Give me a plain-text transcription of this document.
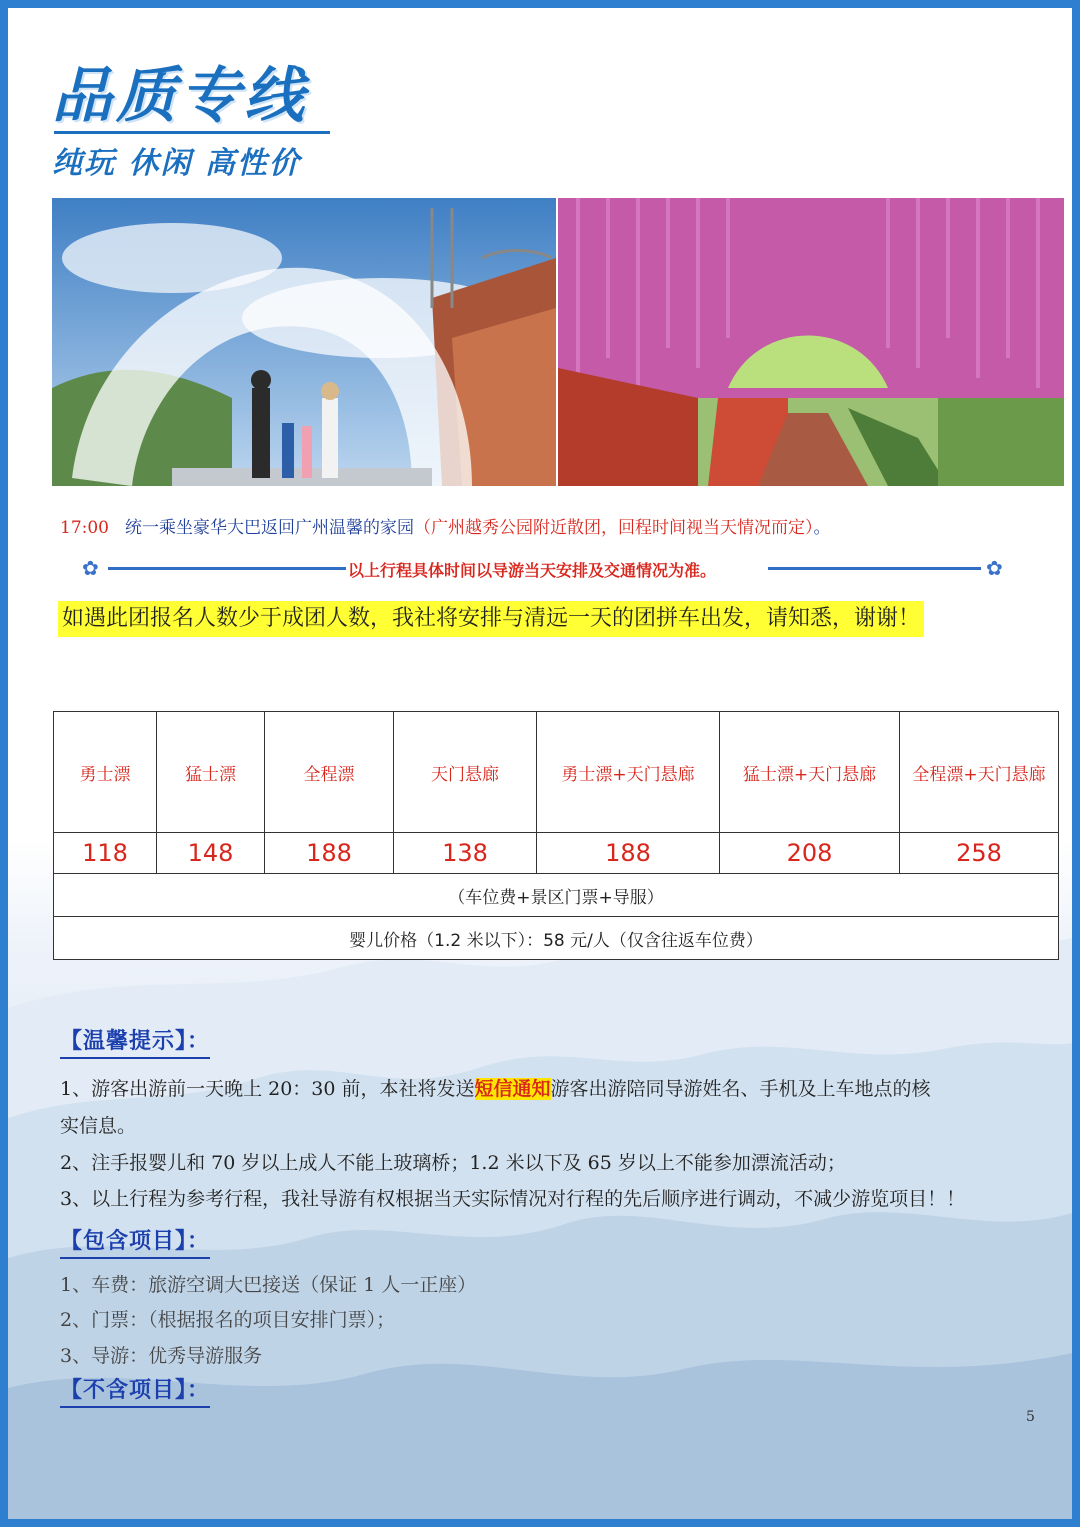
品质专线
纯玩 休闲 高性价
17:00 统一乘坐豪华大巴返回广州温馨的家园（广州越秀公园附近散团，回程时间视当天情况而定）。
✿	以上行程具体时间以导游当天安排及交通情况为准。	✿
如遇此团报名人数少于成团人数，我社将安排与清远一天的团拼车出发，请知悉，谢谢！
勇士漂	猛士漂	全程漂	天门悬廊	勇士漂+天门悬廊	猛士漂+天门悬廊	全程漂+天门悬廊
118	148	188	138	188	208	258
（车位费+景区门票+导服）						
婴儿价格（1.2 米以下）：58 元/人（仅含往返车位费）						
【温馨提示】：
1、游客出游前一天晚上 20：30 前，本社将发送短信通知游客出游陪同导游姓名、手机及上车地点的核
实信息。
2、注手报婴儿和 70 岁以上成人不能上玻璃桥；1.2 米以下及 65 岁以上不能参加漂流活动；
3、以上行程为参考行程，我社导游有权根据当天实际情况对行程的先后顺序进行调动，不减少游览项目！！
【包含项目】：
1、车费：旅游空调大巴接送（保证 1 人一正座）
2、门票：（根据报名的项目安排门票）；
3、导游：优秀导游服务
【不含项目】：
5
